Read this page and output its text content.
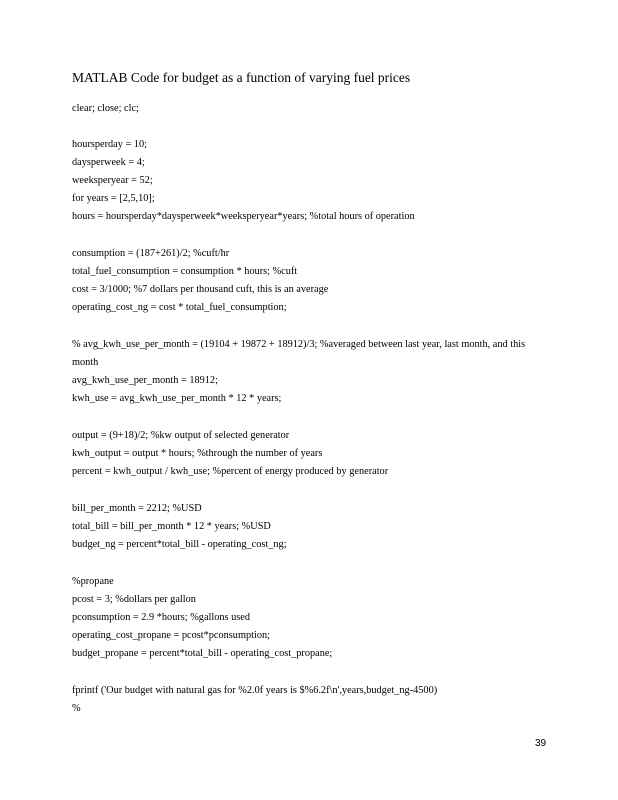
MATLAB Code for budget as a function of varying fuel prices
clear; close; clc;
hoursperday = 10;
daysperweek = 4;
weeksperyear = 52;
for years = [2,5,10];
hours = hoursperday*daysperweek*weeksperyear*years; %total hours of operation
consumption = (187+261)/2; %cuft/hr
total_fuel_consumption = consumption * hours; %cuft
cost = 3/1000; %7 dollars per thousand cuft, this is an average
operating_cost_ng = cost * total_fuel_consumption;
% avg_kwh_use_per_month = (19104 + 19872 + 18912)/3; %averaged between last year, last month, and this
month
avg_kwh_use_per_month = 18912;
kwh_use = avg_kwh_use_per_month * 12 * years;
output = (9+18)/2; %kw output of selected generator
kwh_output = output * hours; %through the number of years
percent = kwh_output / kwh_use; %percent of energy produced by generator
bill_per_month = 2212; %USD
total_bill = bill_per_month * 12 * years; %USD
budget_ng = percent*total_bill - operating_cost_ng;
%propane
pcost = 3; %dollars per gallon
pconsumption = 2.9 *hours; %gallons used
operating_cost_propane = pcost*pconsumption;
budget_propane = percent*total_bill - operating_cost_propane;
fprintf ('Our budget with natural gas for %2.0f years is $%6.2f\n',years,budget_ng-4500)
%
39
